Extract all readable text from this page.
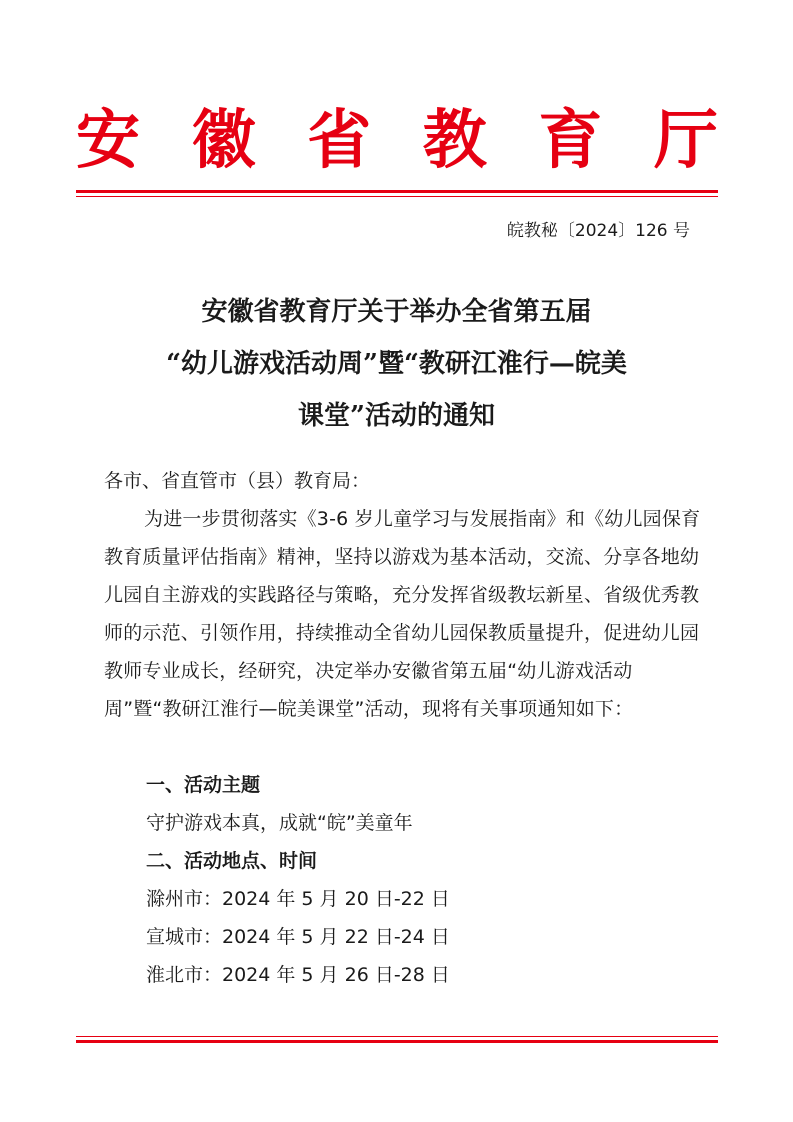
安 徽 省 教 育 厅
皖教秘〔2024〕126 号
安徽省教育厅关于举办全省第五届
“幼儿游戏活动周”暨“教研江淮行—皖美
课堂”活动的通知
各市、省直管市（县）教育局：
为进一步贯彻落实《3-6 岁儿童学习与发展指南》和《幼儿园保育教育质量评估指南》精神，坚持以游戏为基本活动，交流、分享各地幼儿园自主游戏的实践路径与策略，充分发挥省级教坛新星、省级优秀教师的示范、引领作用，持续推动全省幼儿园保教质量提升，促进幼儿园教师专业成长，经研究，决定举办安徽省第五届“幼儿游戏活动周”暨“教研江淮行—皖美课堂”活动，现将有关事项通知如下：
一、活动主题
守护游戏本真，成就“皖”美童年
二、活动地点、时间
滁州市：2024 年 5 月 20 日-22 日
宣城市：2024 年 5 月 22 日-24 日
淮北市：2024 年 5 月 26 日-28 日
